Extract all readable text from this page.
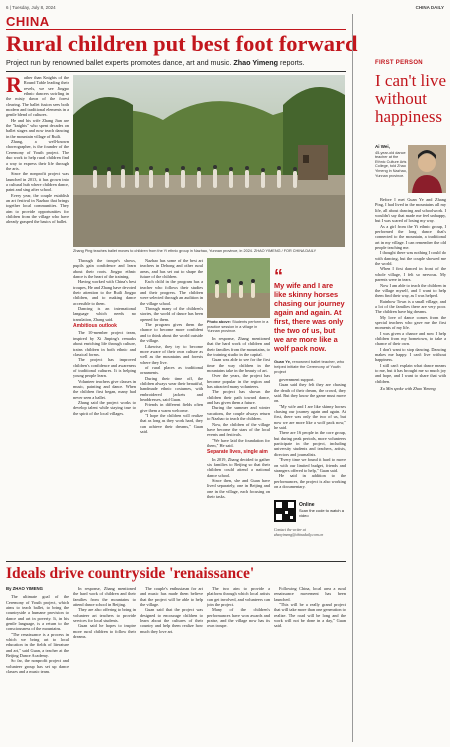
6 | Tuesday, July 8, 2024	CHINA DAILY
CHINA
Rural children put best foot forward
Project run by renowned ballet experts promotes dance, art and music. Zhao Yimeng reports.
R ather than Knights of the Round Table leading their revels, we see Jingpo ethnic dancers swirling in the misty dawn of the forest clearing. The ballet fusion sees both modern and traditional elements in a gentle blend of cultures.

He and his wife Zhang Jian are the "knights" who spent decades on ballet stages and now teach dancing in the mountain village of Ruili.

Zhang, a well-known choreographer, is the founder of the Ceremony of Youth project. The duo work to help rural children find a way to express their life through the arts.

Since the nonprofit project was launched in 2013, it has grown into a cultural hub where children dance, paint and sing after school.

Every year, the couple establish an art festival in Nazhao that brings together local communities. They aim to provide opportunities for children from the village who have already grasped the basics of ballet.

Zhang Ping teaches ballet moves to children from the Yi ethnic group in Nazhao, Yunnan province, in 2024. ZHAO YIMENG / FOR CHINA DAILY

Through the troupe's shows, pupils gain confidence and learn about their roots. Jingpo ethnic dance is the heart of the training.

Having worked with China's best troupes, He and Zhang have devoted their attention to the Ruili Jingpo children, and to making dance accessible to them.

Dancing is an international language which needs no translation, Zhang said.

Ambitious outlook

The 10-member project team, inspired by Xi Jinping's remarks about enriching life through culture, trains children in both ethnic and classical forms.

The project has improved children's confidence and awareness of traditional cultures. It is helping young people learn.

Volunteer teachers give classes in music, painting and dance. When the children first began, many had never seen a ballet.

Zhang said the project works to develop talent while staying true to the spirit of the local villages.

Nazhao has some of the best art teachers in Dehong and other rural areas, and has set out to shape the future of the children.

Each child in the program has a teacher who follows their studies and their progress. The children were selected through an audition in the village school.

Through many of the children's stories, the world of dance has been opened for them.

The program gives them the chance to become more confident and to think about the world outside the village.

Likewise, they try to become more aware of their own culture as well as the mountains and forests where they live.

of rural places as traditional ornaments.

During their time off, the children always wear their beautiful, handmade ethnic costumes, with embroidered jackets and headdresses, said Guan.

Friends in different fields often give them a warm welcome.

"I hope the children will realize that as long as they work hard, they can achieve their dreams," Guan said.

Photo above: Students perform in a practice session in a village in Yunnan province.

In response, Zhang mentioned that the hard work of children and their families from the mountains, to the training studio in the capital.

Guan was able to see for the first time the way children in the mountains take in the beauty of art.

Over the years, the project has become popular in the region and has attracted many volunteers.

The project has shown the children their path toward dance, and has given them a future.

During the summer and winter vacations, the couple always return to Nazhao to teach the children.

Now, the children of the village have become the stars of the local events and festivals.

"We have laid the foundation for them," He said.

Separate lives, single aim

In 2019, Zhang decided to gather six families to Beijing so that their children could attend a national dance school.

Since then, she and Guan have lived separately, one in Beijing and one in the village, each focusing on their tasks.

“
My wife and I are like skinny horses chasing our journey again and again. At first, there was only the two of us, but we are more like a wolf pack now.
Guan Ye, renowned ballet teacher, who helped initiate the Ceremony of Youth project

government support.

Guan said they felt they are chasing the death of their dream, the crowd, they said. But they know the game must move on.

"My wife and I are like skinny horses chasing our journey again and again. At first, there was only the two of us, but now we are more like a wolf pack now," he said.

There are 16 people in the core group, but during peak periods, more volunteers participate in the project, including university students and teachers, artists, directors and journalists.

"Every time we found it hard to move on with our limited budget, friends and strangers offered to help," Guan said.

He said in addition to the performances, the project is also working on a documentary.

Online
Scan the code to watch a video
Contact the writer at
zhaoyimeng@chinadaily.com.cn
Ideals drive countryside 'renaissance'
By ZHAO YIMENG

The ultimate goal of the Ceremony of Youth project, which aims to teach ballet, to bring the countryside a humane provision to dance and art in poverty. It, in his gentle language, is a return to the consciousness of the mountains.

"The renaissance is a process in which we bring art to local education in the fields of literature and art," said Guan, a teacher at the Beijing Dance Academy.

So far, the nonprofit project and volunteer group has set up dance classes and a music team.

In response, Zhang mentioned the hard work of children and their families from the mountains to attend dance school in Beijing.

They are also offering to bring in volunteer art teachers to provide services for local students.

Guan said he hopes to inspire more rural children to follow their dreams.

The couple's enthusiasm for art and music has made them believe that the project will be able to help the village.

Guan said that the project was designed to encourage children to learn about the cultures of their country and help them realize how much they love art.

The two aim to provide a platform through which local artists can get involved, and volunteers can join the project.

Many of the children's performances have won awards and praise, and the village now has its own troupe.

Following China, local area a rural renaissance movement has been launched.

"This will be a really grand project that will take more than one generation to realize. The road will be long and the work will not be done in a day," Guan said.

FIRST PERSON
I can't live without happiness
Ai Wei,
45-year-old dance teacher at the Ethnic Culture Arts College, told Zhao Yimeng in Nazhao, Yunnan province.

Before I met Guan Ye and Zhang Ping, I had lived in the mountains all my life, all about dancing and schoolwork. I wouldn't say that made me feel unhappy, but I was scared of losing my way.

As a girl from the Yi ethnic group, I performed the long dance that's connected to the mountain, a traditional art in my village. I can remember the old people teaching me.

I thought there was nothing I could do with dancing, but the couple showed me the world.

When I first danced in front of the whole village, I felt so nervous. My parents were in tears.

Now I am able to teach the children in the village myself, and I want to help them find their way, as I was helped.

Rainbow Town is a small village, and a lot of the families there are very poor. The children have big dreams.

My love of dance comes from the special teachers who gave me the first moments of my life.

I was given a chance and now I help children from my hometown, to take a chance of their own.

I don't want to stop dancing. Dancing makes me happy. I can't live without happiness.

I still can't explain what dance means to me, but it has brought me so much joy and hope, and I want to share that with children.

Xu Min spoke with Zhao Yimeng
